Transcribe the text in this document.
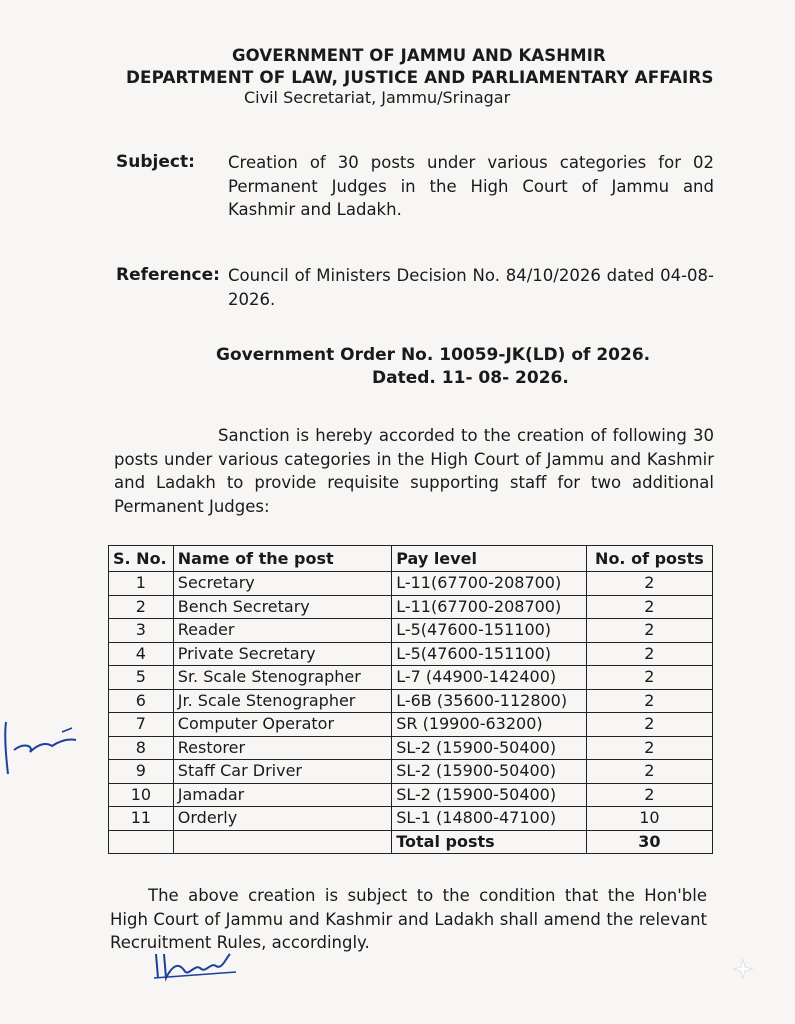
GOVERNMENT OF JAMMU AND KASHMIR
DEPARTMENT OF LAW, JUSTICE AND PARLIAMENTARY AFFAIRS
Civil Secretariat, Jammu/Srinagar
Subject: Creation of 30 posts under various categories for 02 Permanent Judges in the High Court of Jammu and Kashmir and Ladakh.
Reference: Council of Ministers Decision No. 84/10/2026 dated 04-08-2026.
Government Order No. 10059-JK(LD) of 2026.
Dated. 11- 08- 2026.
Sanction is hereby accorded to the creation of following 30 posts under various categories in the High Court of Jammu and Kashmir and Ladakh to provide requisite supporting staff for two additional Permanent Judges:
S. No.	Name of the post	Pay level	No. of posts
1	Secretary	L-11(67700-208700)	2
2	Bench Secretary	L-11(67700-208700)	2
3	Reader	L-5(47600-151100)	2
4	Private Secretary	L-5(47600-151100)	2
5	Sr. Scale Stenographer	L-7 (44900-142400)	2
6	Jr. Scale Stenographer	L-6B (35600-112800)	2
7	Computer Operator	SR (19900-63200)	2
8	Restorer	SL-2 (15900-50400)	2
9	Staff Car Driver	SL-2 (15900-50400)	2
10	Jamadar	SL-2 (15900-50400)	2
11	Orderly	SL-1 (14800-47100)	10
		Total posts	30
The above creation is subject to the condition that the Hon'ble High Court of Jammu and Kashmir and Ladakh shall amend the relevant Recruitment Rules, accordingly.
